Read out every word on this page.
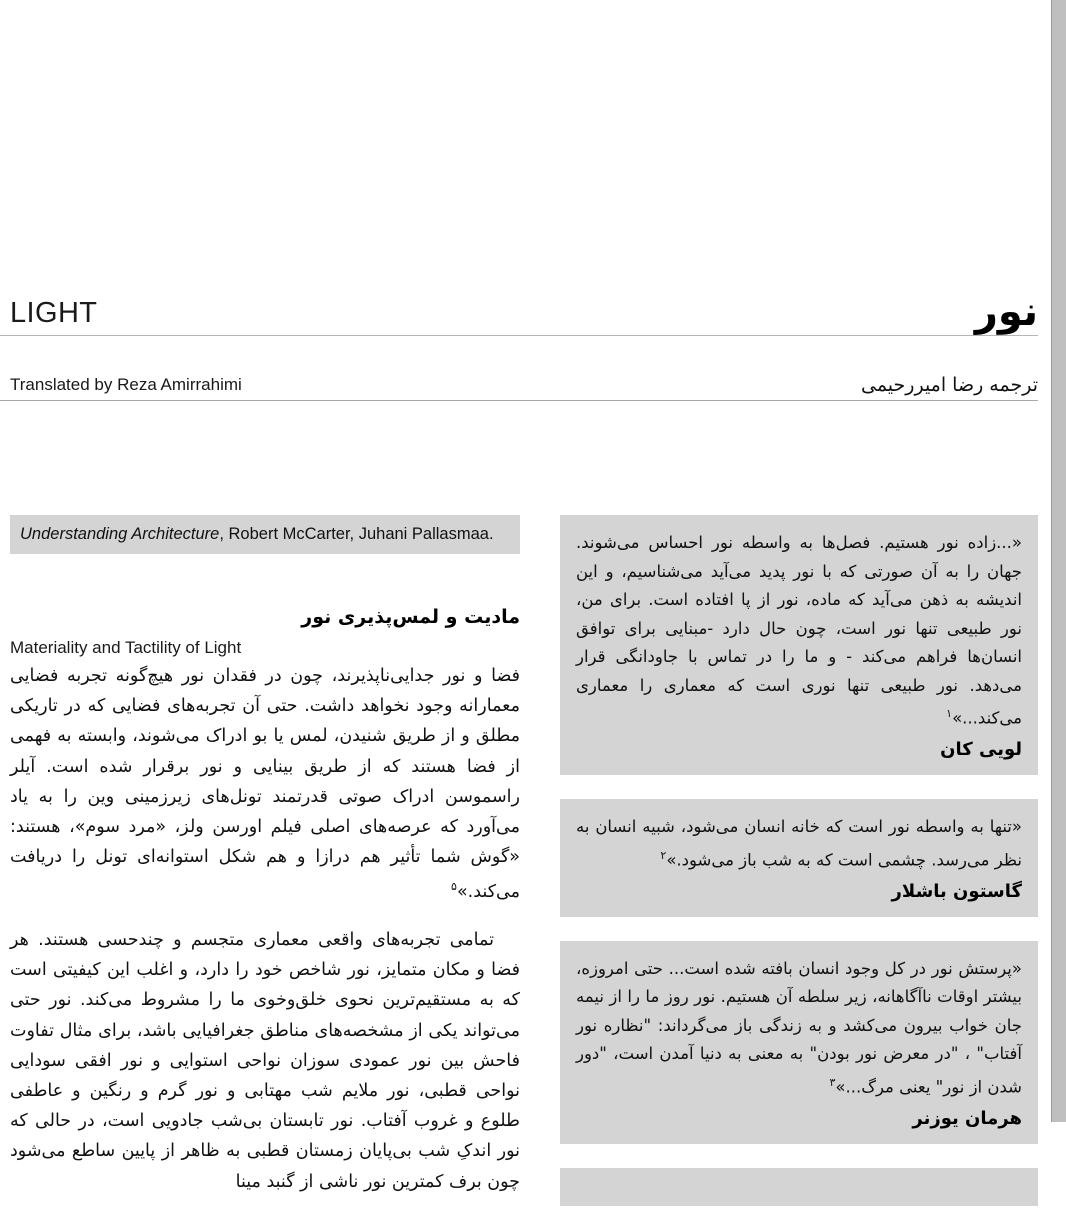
LIGHT	نور
Translated by Reza Amirrahimi	ترجمه رضا امیررحیمی
Understanding Architecture, Robert McCarter, Juhani Pallasmaa.
مادیت و لمس‌پذیری نور
Materiality and Tactility of Light

فضا و نور جدایی‌ناپذیرند، چون در فقدان نور هیچ‌گونه تجربه فضایی معمارانه وجود نخواهد داشت. حتی آن تجربه‌های فضایی که در تاریکی مطلق و از طریق شنیدن، لمس یا بو ادراک می‌شوند، وابسته به فهمی از فضا هستند که از طریق بینایی و نور برقرار شده است. آیلر راسموسن ادراک صوتی قدرتمند تونل‌های زیرزمینی وین را به یاد می‌آورد که عرصه‌های اصلی فیلم اورسن ولز، «مرد سوم»، هستند: «گوش شما تأثیر هم درازا و هم شکل استوانه‌ای تونل را دریافت می‌کند.»$^۵$

تمامی تجربه‌های واقعی معماری متجسم و چندحسی هستند. هر فضا و مکان متمایز، نور شاخص خود را دارد، و اغلب این کیفیتی است که به مستقیم‌ترین نحوی خلق‌وخوی ما را مشروط می‌کند. نور حتی می‌تواند یکی از مشخصه‌های مناطق جغرافیایی باشد، برای مثال تفاوت فاحش بین نور عمودی سوزان نواحی استوایی و نور افقی سودایی نواحی قطبی، نور ملایم شب مهتابی و نور گرم و رنگین و عاطفی طلوع و غروب آفتاب. نور تابستان بی‌شب جادویی است، در حالی که نور اندکِ شب بی‌پایان زمستان قطبی به ظاهر از پایین ساطع می‌شود چون برف کمترین نور ناشی از گنبد مینا

«...زاده نور هستیم. فصل‌ها به واسطه نور احساس می‌شوند. جهان را به آن صورتی که با نور پدید می‌آید می‌شناسیم، و این اندیشه به ذهن می‌آید که ماده، نور از پا افتاده است. برای من، نور طبیعی تنها نور است، چون حال دارد -مبنایی برای توافق انسان‌ها فراهم می‌کند - و ما را در تماس با جاودانگی قرار می‌دهد. نور طبیعی تنها نوری است که معماری را معماری می‌کند...»$^۱$
لویی کان
«تنها به واسطه نور است که خانه انسان می‌شود، شبیه انسان به نظر می‌رسد. چشمی است که به شب باز می‌شود.»$^۲$
گاستون باشلار
«پرستش نور در کل وجود انسان بافته شده است... حتی امروزه، بیشتر اوقات ناآگاهانه، زیر سلطه آن هستیم. نور روز ما را از نیمه جان خواب بیرون می‌کشد و به زندگی باز می‌گرداند: "نظاره نور آفتاب" ، "در معرض نور بودن" به معنی به دنیا آمدن است، "دور شدن از نور" یعنی مرگ...»$^۳$
هرمان یوزنر
